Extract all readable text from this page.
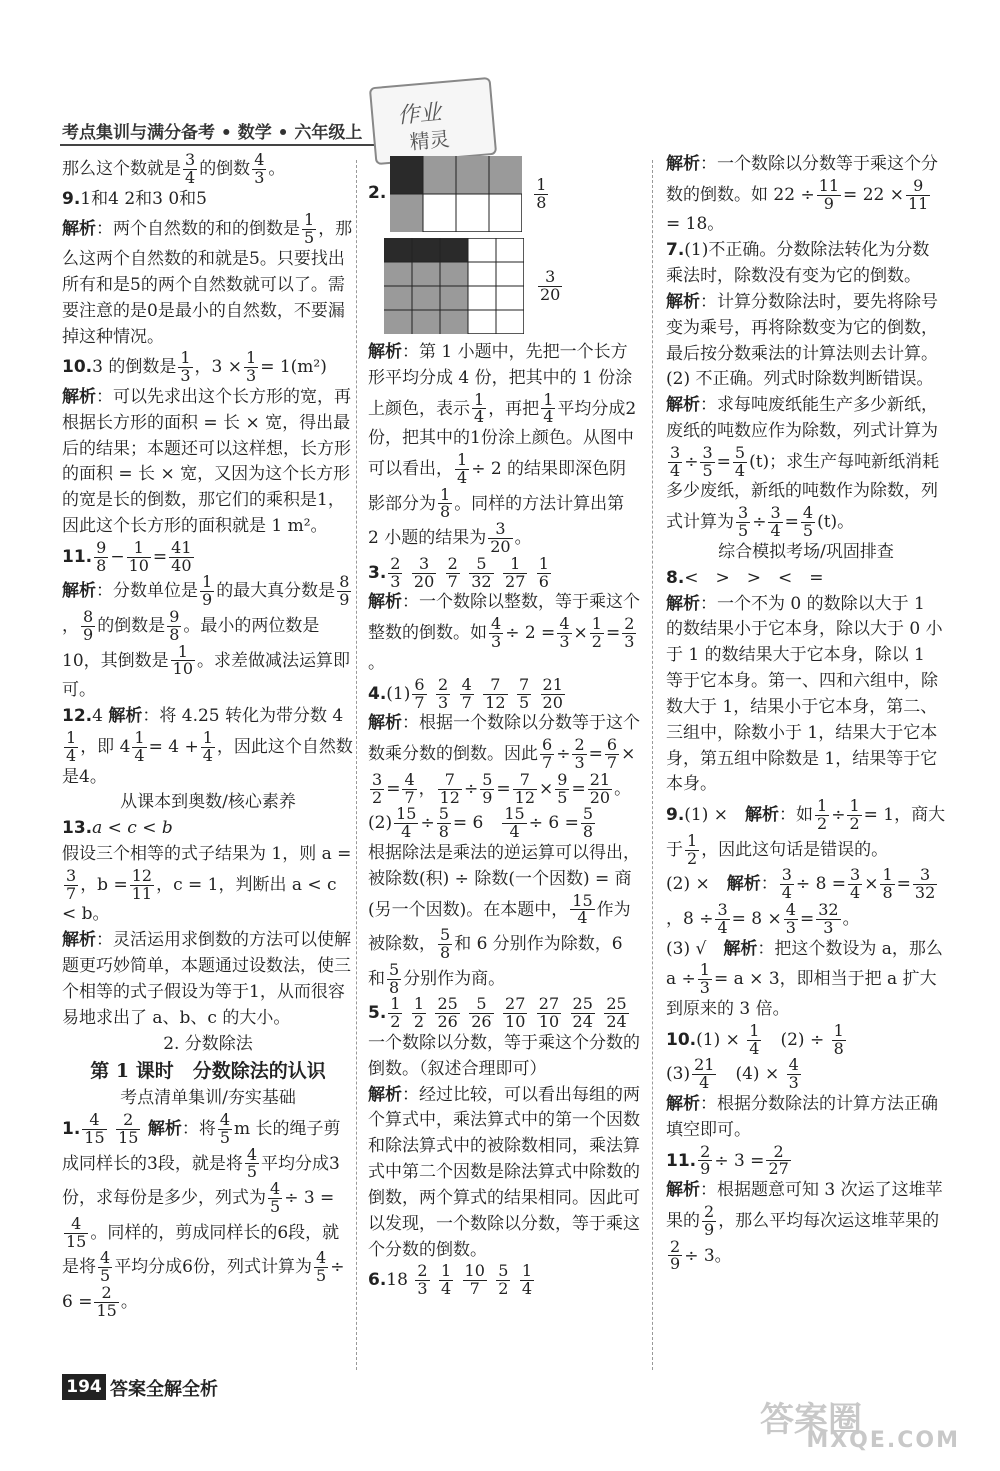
考点集训与满分备考 • 数学 • 六年级上
作业
精灵

那么这个数就是 $\frac{3}{4}$ 的倒数 $\frac{4}{3}$ 。

9.1和4 2和3 0和5

解析：两个自然数的和的倒数是 $\frac{1}{5}$ ，那么这两个自然数的和就是5。只要找出所有和是5的两个自然数就可以了。需要注意的是0是最小的自然数，不要漏掉这种情况。

10.3 的倒数是 $\frac{1}{3}$ ，$3 \times \frac{1}{3} = 1(m^2)$

解析：可以先求出这个长方形的宽，再根据长方形的面积 = 长 × 宽，得出最后的结果；本题还可以这样想，长方形的面积 = 长 × 宽，又因为这个长方形的宽是长的倒数，那它们的乘积是1，因此这个长方形的面积就是 1 m²。

11. $\frac{9}{8} - \frac{1}{10} = \frac{41}{40}$

解析：分数单位是 $\frac{1}{9}$ 的最大真分数是 $\frac{8}{9}$
， $\frac{8}{9}$ 的倒数是 $\frac{9}{8}$ 。最小的两位数是10，其倒数是 $\frac{1}{10}$ 。求差做减法运算即可。

12.4 解析：将 4.25 转化为带分数 4
$\frac{1}{4}$ ，即 $4 \frac{1}{4} = 4 + \frac{1}{4}$ ，因此这个自然数是4。

从课本到奥数/核心素养

13.a < c < b

假设三个相等的式子结果为 1，则 a =
$\frac{3}{7}$ ，$b = \frac{12}{11}$ ，c = 1，判断出 a < c < b。

解析：灵活运用求倒数的方法可以使解题更巧妙简单，本题通过设数法，使三个相等的式子假设为等于1，从而很容易地求出了 a、b、c 的大小。

2. 分数除法

第 1 课时　分数除法的认识

考点清单集训/夯实基础

1. $\frac{4}{15}$
$\frac{2}{15}$ 解析：将 $\frac{4}{5}$ m 长的绳子剪成同样长的3段，就是将 $\frac{4}{5}$ 平均分成3份，求每份是多少，列式为 $\frac{4}{5} \div 3$ =
$\frac{4}{15}$ 。同样的，剪成同样长的6段，就是将 $\frac{4}{5}$ 平均分成6份，列式计算为 $\frac{4}{5} \div 6 = \frac{2}{15}$ 。

2.	$\frac{1}{8}$
$\frac{3}{20}$

解析：第 1 小题中，先把一个长方形平均分成 4 份，把其中的 1 份涂上颜色，表示 $\frac{1}{4}$ ，再把 $\frac{1}{4}$ 平均分成2份，把其中的1份涂上颜色。从图中可以看出， $\frac{1}{4} \div 2$ 的结果即深色阴影部分为 $\frac{1}{8}$ 。同样的方法计算出第 2 小题的结果为 $\frac{3}{20}$ 。

3. $\frac{2}{3}$
$\frac{3}{20}$
$\frac{2}{7}$
$\frac{5}{32}$
$\frac{1}{27}$
$\frac{1}{6}$

解析：一个数除以整数，等于乘这个整数的倒数。如 $\frac{4}{3} \div 2 = \frac{4}{3} \times \frac{1}{2} = \frac{2}{3}$
。

$4.(1) \frac{6}{7}$
$\frac{2}{3}$
$\frac{4}{7}$
$\frac{7}{12}$
$\frac{7}{5}$
$\frac{21}{20}$

解析：根据一个数除以分数等于这个数乘分数的倒数。因此 $\frac{6}{7} \div \frac{2}{3} = \frac{6}{7}$ ×
$\frac{3}{2} = \frac{4}{7}$ ， $\frac{7}{12} \div \frac{5}{9} = \frac{7}{12} \times \frac{9}{5} = \frac{21}{20}$ 。

$(2) \frac{15}{4} \div \frac{5}{8} = 6$　 $\frac{15}{4} \div 6 = \frac{5}{8}$

根据除法是乘法的逆运算可以得出，被除数(积) ÷ 除数(一个因数) = 商(另一个因数)。在本题中， $\frac{15}{4}$ 作为被除数， $\frac{5}{8}$ 和 6 分别作为除数，6 和 $\frac{5}{8}$ 分别作为商。

5. $\frac{1}{2}$
$\frac{1}{2}$
$\frac{25}{26}$
$\frac{5}{26}$
$\frac{27}{10}$
$\frac{27}{10}$
$\frac{25}{24}$
$\frac{25}{24}$

一个数除以分数，等于乘这个分数的倒数。（叙述合理即可）

解析：经过比较，可以看出每组的两个算式中，乘法算式中的第一个因数和除法算式中的被除数相同，乘法算式中第二个因数是除法算式中除数的倒数，两个算式的结果相同。因此可以发现，一个数除以分数，等于乘这个分数的倒数。

$6.18 \frac{2}{3}$
$\frac{1}{4}$
$\frac{10}{7}$
$\frac{5}{2}$
$\frac{1}{4}$

解析：一个数除以分数等于乘这个分数的倒数。如 $22 \div \frac{11}{9} = 22 \times \frac{9}{11}$
= 18。

7.(1)不正确。分数除法转化为分数乘法时，除数没有变为它的倒数。

解析：计算分数除法时，要先将除号变为乘号，再将除数变为它的倒数，最后按分数乘法的计算法则去计算。

(2) 不正确。列式时除数判断错误。

解析：求每吨废纸能生产多少新纸，废纸的吨数应作为除数，列式计算为
$\frac{3}{4} \div \frac{3}{5} = \frac{5}{4} (t)$；求生产每吨新纸消耗多少废纸，新纸的吨数作为除数，列式计算为 $\frac{3}{5} \div \frac{3}{4} = \frac{4}{5} (t)$。

综合模拟考场/巩固排查

8.<　>　>　<　=

解析：一个不为 0 的数除以大于 1 的数结果小于它本身，除以大于 0 小于 1 的数结果大于它本身，除以 1 等于它本身。第一、四和六组中，除数大于 1，结果小于它本身，第二、三组中，除数小于 1，结果大于它本身，第五组中除数是 1，结果等于它本身。

9.(1) ×　解析：如 $\frac{1}{2} \div \frac{1}{2} = 1$，商大于 $\frac{1}{2}$ ，因此这句话是错误的。

(2) ×　解析： $\frac{3}{4} \div 8 = \frac{3}{4} \times \frac{1}{8} = \frac{3}{32}$
，$8 \div \frac{3}{4} = 8 \times \frac{4}{3} = \frac{32}{3}$ 。

(3) √　解析：把这个数设为 a，那么 $a \div \frac{1}{3} = a \times 3$，即相当于把 a 扩大到原来的 3 倍。

$10.(1) \times \frac{1}{4}$
　 $(2) \div \frac{1}{8}$

$(3) \frac{21}{4}$
　 $(4) \times \frac{4}{3}$

解析：根据分数除法的计算方法正确填空即可。

11. $\frac{2}{9} \div 3 = \frac{2}{27}$

解析：根据题意可知 3 次运了这堆苹果的 $\frac{2}{9}$ ，那么平均每次运这堆苹果的
$\frac{2}{9} \div 3$。

194 答案全解全析
答案圈
MXQE.COM
